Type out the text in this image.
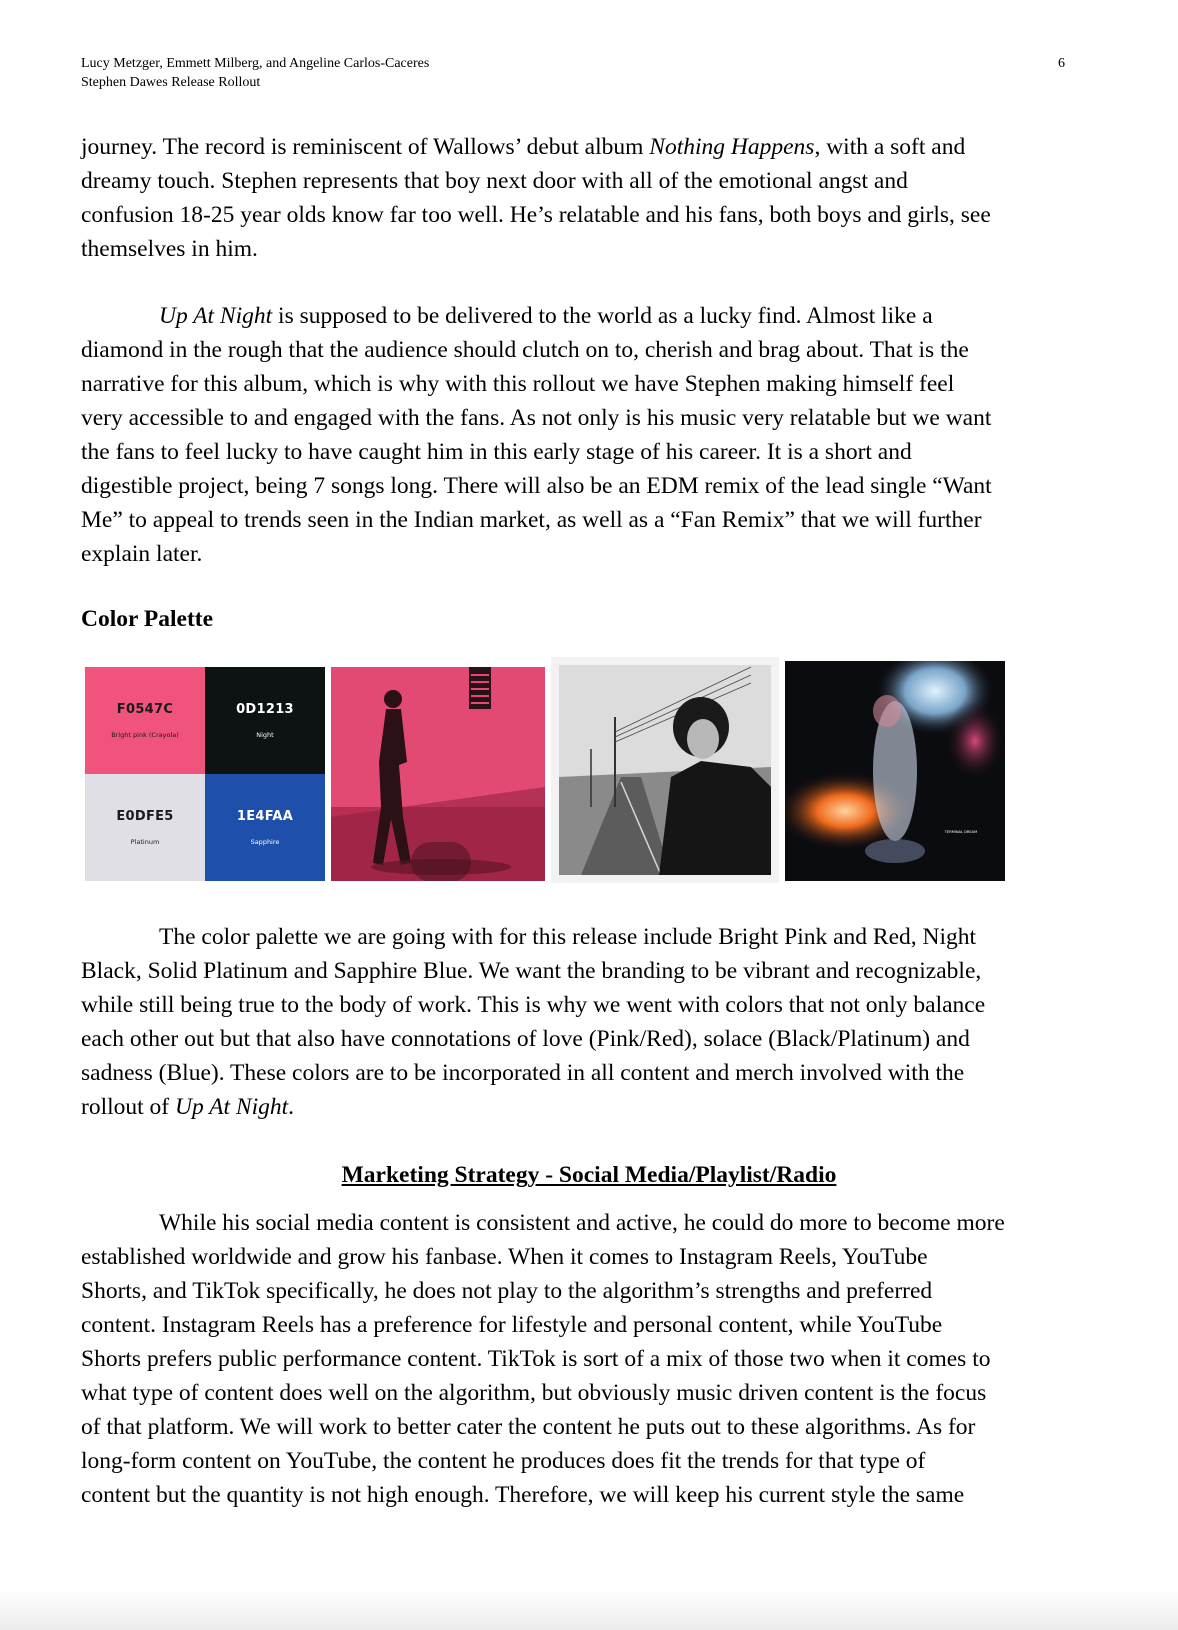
Lucy Metzger, Emmett Milberg, and Angeline Carlos-Caceres
Stephen Dawes Release Rollout
6
journey. The record is reminiscent of Wallows’ debut album Nothing Happens, with a soft and
dreamy touch. Stephen represents that boy next door with all of the emotional angst and
confusion 18-25 year olds know far too well. He’s relatable and his fans, both boys and girls, see
themselves in him.
Up At Night is supposed to be delivered to the world as a lucky find. Almost like a
diamond in the rough that the audience should clutch on to, cherish and brag about. That is the
narrative for this album, which is why with this rollout we have Stephen making himself feel
very accessible to and engaged with the fans. As not only is his music very relatable but we want
the fans to feel lucky to have caught him in this early stage of his career. It is a short and
digestible project, being 7 songs long. There will also be an EDM remix of the lead single “Want
Me” to appeal to trends seen in the Indian market, as well as a “Fan Remix” that we will further
explain later.
Color Palette
F0547C
Bright pink (Crayola)
0D1213
Night
E0DFE5
Platinum
1E4FAA
Sapphire
TERMINAL DREAM
The color palette we are going with for this release include Bright Pink and Red, Night
Black, Solid Platinum and Sapphire Blue. We want the branding to be vibrant and recognizable,
while still being true to the body of work. This is why we went with colors that not only balance
each other out but that also have connotations of love (Pink/Red), solace (Black/Platinum) and
sadness (Blue). These colors are to be incorporated in all content and merch involved with the
rollout of Up At Night.
Marketing Strategy - Social Media/Playlist/Radio
While his social media content is consistent and active, he could do more to become more
established worldwide and grow his fanbase. When it comes to Instagram Reels, YouTube
Shorts, and TikTok specifically, he does not play to the algorithm’s strengths and preferred
content. Instagram Reels has a preference for lifestyle and personal content, while YouTube
Shorts prefers public performance content. TikTok is sort of a mix of those two when it comes to
what type of content does well on the algorithm, but obviously music driven content is the focus
of that platform. We will work to better cater the content he puts out to these algorithms. As for
long-form content on YouTube, the content he produces does fit the trends for that type of
content but the quantity is not high enough. Therefore, we will keep his current style the same
